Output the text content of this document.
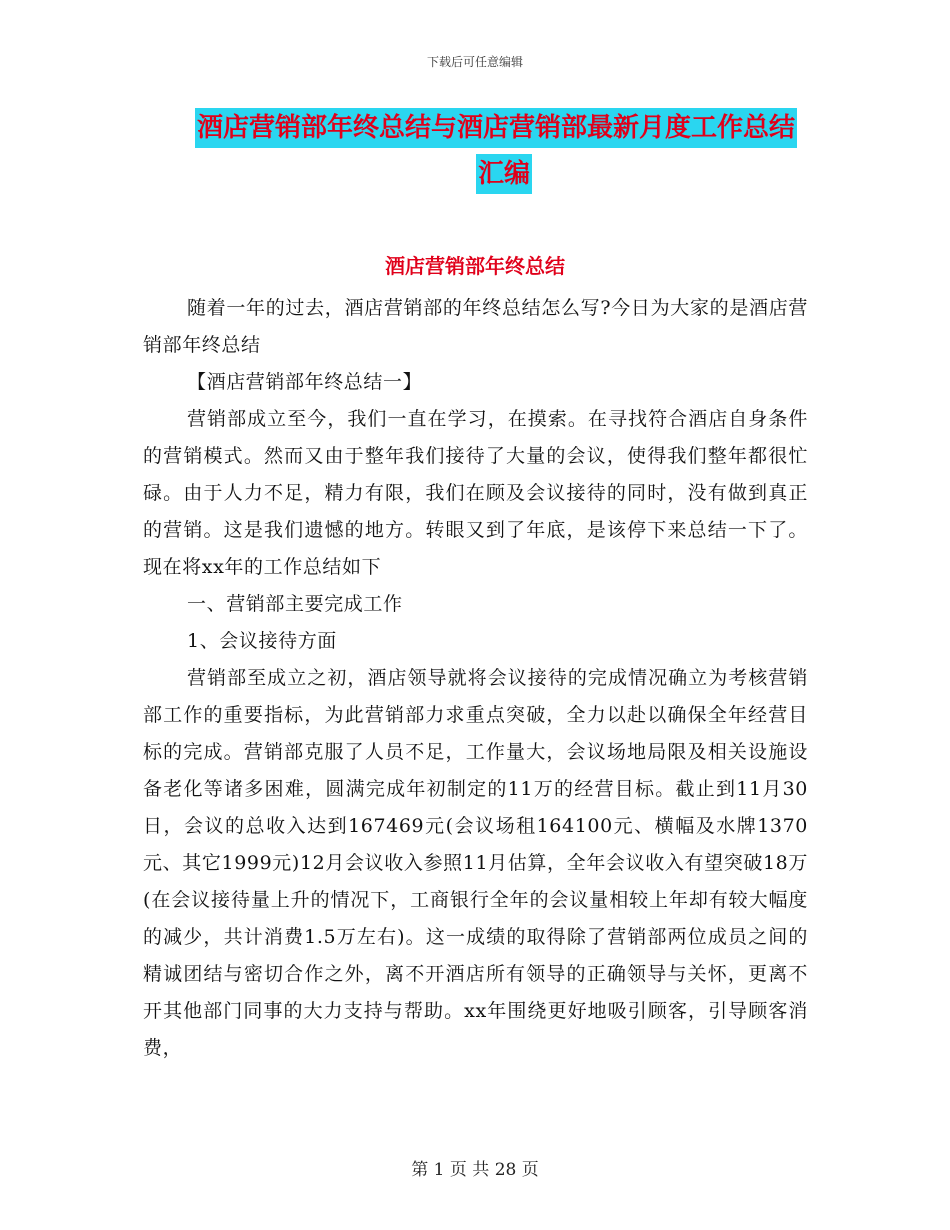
下载后可任意编辑
酒店营销部年终总结与酒店营销部最新月度工作总结
汇编
酒店营销部年终总结

随着一年的过去，酒店营销部的年终总结怎么写?今日为大家的是酒店营销部年终总结

【酒店营销部年终总结一】

营销部成立至今，我们一直在学习，在摸索。在寻找符合酒店自身条件的营销模式。然而又由于整年我们接待了大量的会议，使得我们整年都很忙碌。由于人力不足，精力有限，我们在顾及会议接待的同时，没有做到真正的营销。这是我们遗憾的地方。转眼又到了年底，是该停下来总结一下了。现在将xx年的工作总结如下

一、营销部主要完成工作

1、会议接待方面

营销部至成立之初，酒店领导就将会议接待的完成情况确立为考核营销部工作的重要指标，为此营销部力求重点突破，全力以赴以确保全年经营目标的完成。营销部克服了人员不足，工作量大，会议场地局限及相关设施设备老化等诸多困难，圆满完成年初制定的11万的经营目标。截止到11月30日，会议的总收入达到167469元(会议场租164100元、横幅及水牌1370元、其它1999元)12月会议收入参照11月估算，全年会议收入有望突破18万(在会议接待量上升的情况下，工商银行全年的会议量相较上年却有较大幅度的减少，共计消费1.5万左右)。这一成绩的取得除了营销部两位成员之间的精诚团结与密切合作之外，离不开酒店所有领导的正确领导与关怀，更离不开其他部门同事的大力支持与帮助。xx年围绕更好地吸引顾客，引导顾客消费，

第 1 页 共 28 页
